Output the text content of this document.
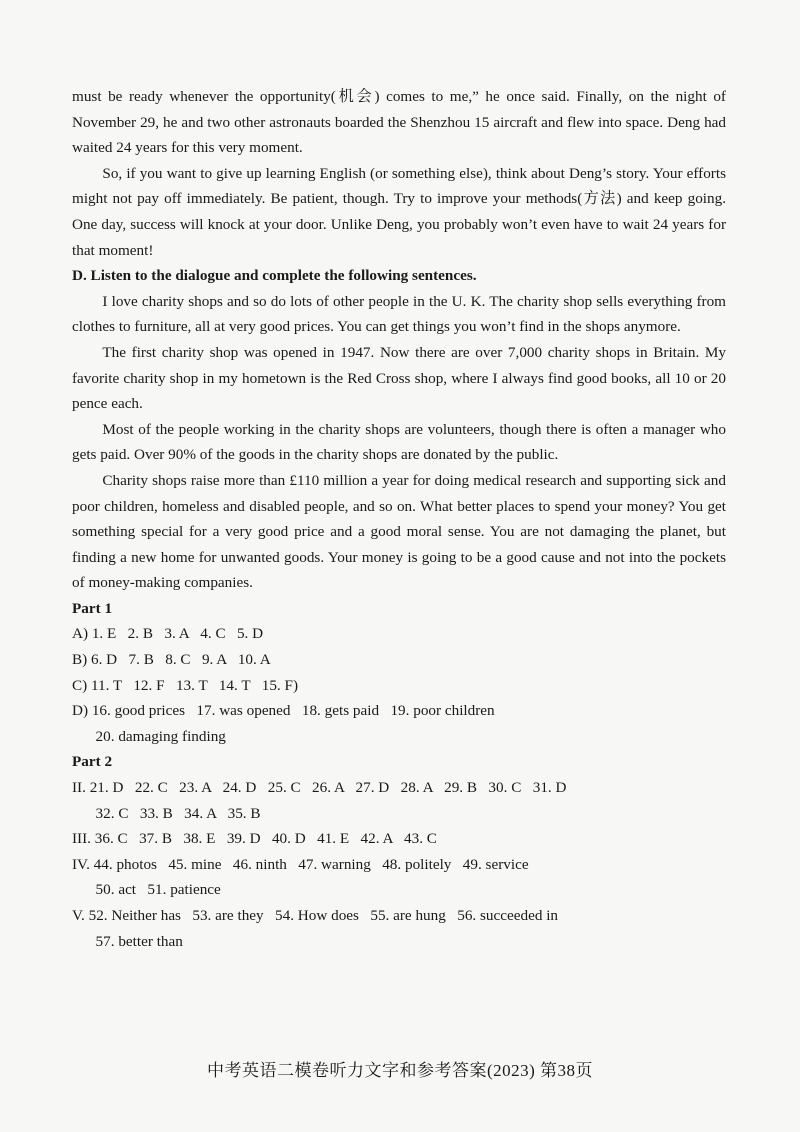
must be ready whenever the opportunity(机会) comes to me,” he once said. Finally, on the night of November 29, he and two other astronauts boarded the Shenzhou 15 aircraft and flew into space. Deng had waited 24 years for this very moment.

So, if you want to give up learning English (or something else), think about Deng’s story. Your efforts might not pay off immediately. Be patient, though. Try to improve your methods(方法) and keep going. One day, success will knock at your door. Unlike Deng, you probably won’t even have to wait 24 years for that moment!

D. Listen to the dialogue and complete the following sentences.

I love charity shops and so do lots of other people in the U. K. The charity shop sells everything from clothes to furniture, all at very good prices. You can get things you won’t find in the shops anymore.

The first charity shop was opened in 1947. Now there are over 7,000 charity shops in Britain. My favorite charity shop in my hometown is the Red Cross shop, where I always find good books, all 10 or 20 pence each.

Most of the people working in the charity shops are volunteers, though there is often a manager who gets paid. Over 90% of the goods in the charity shops are donated by the public.

Charity shops raise more than £110 million a year for doing medical research and supporting sick and poor children, homeless and disabled people, and so on. What better places to spend your money? You get something special for a very good price and a good moral sense. You are not damaging the planet, but finding a new home for unwanted goods. Your money is going to be a good cause and not into the pockets of money-making companies.

Part 1

A) 1. E   2. B   3. A   4. C   5. D

B) 6. D   7. B   8. C   9. A   10. A

C) 11. T   12. F   13. T   14. T   15. F)

D) 16. good prices   17. was opened   18. gets paid   19. poor children

20. damaging finding

Part 2

II. 21. D   22. C   23. A   24. D   25. C   26. A   27. D   28. A   29. B   30. C   31. D

32. C   33. B   34. A   35. B

III. 36. C   37. B   38. E   39. D   40. D   41. E   42. A   43. C

IV. 44. photos   45. mine   46. ninth   47. warning   48. politely   49. service

50. act   51. patience

V. 52. Neither has   53. are they   54. How does   55. are hung   56. succeeded in

57. better than

中考英语二模卷听力文字和参考答案(2023) 第38页
